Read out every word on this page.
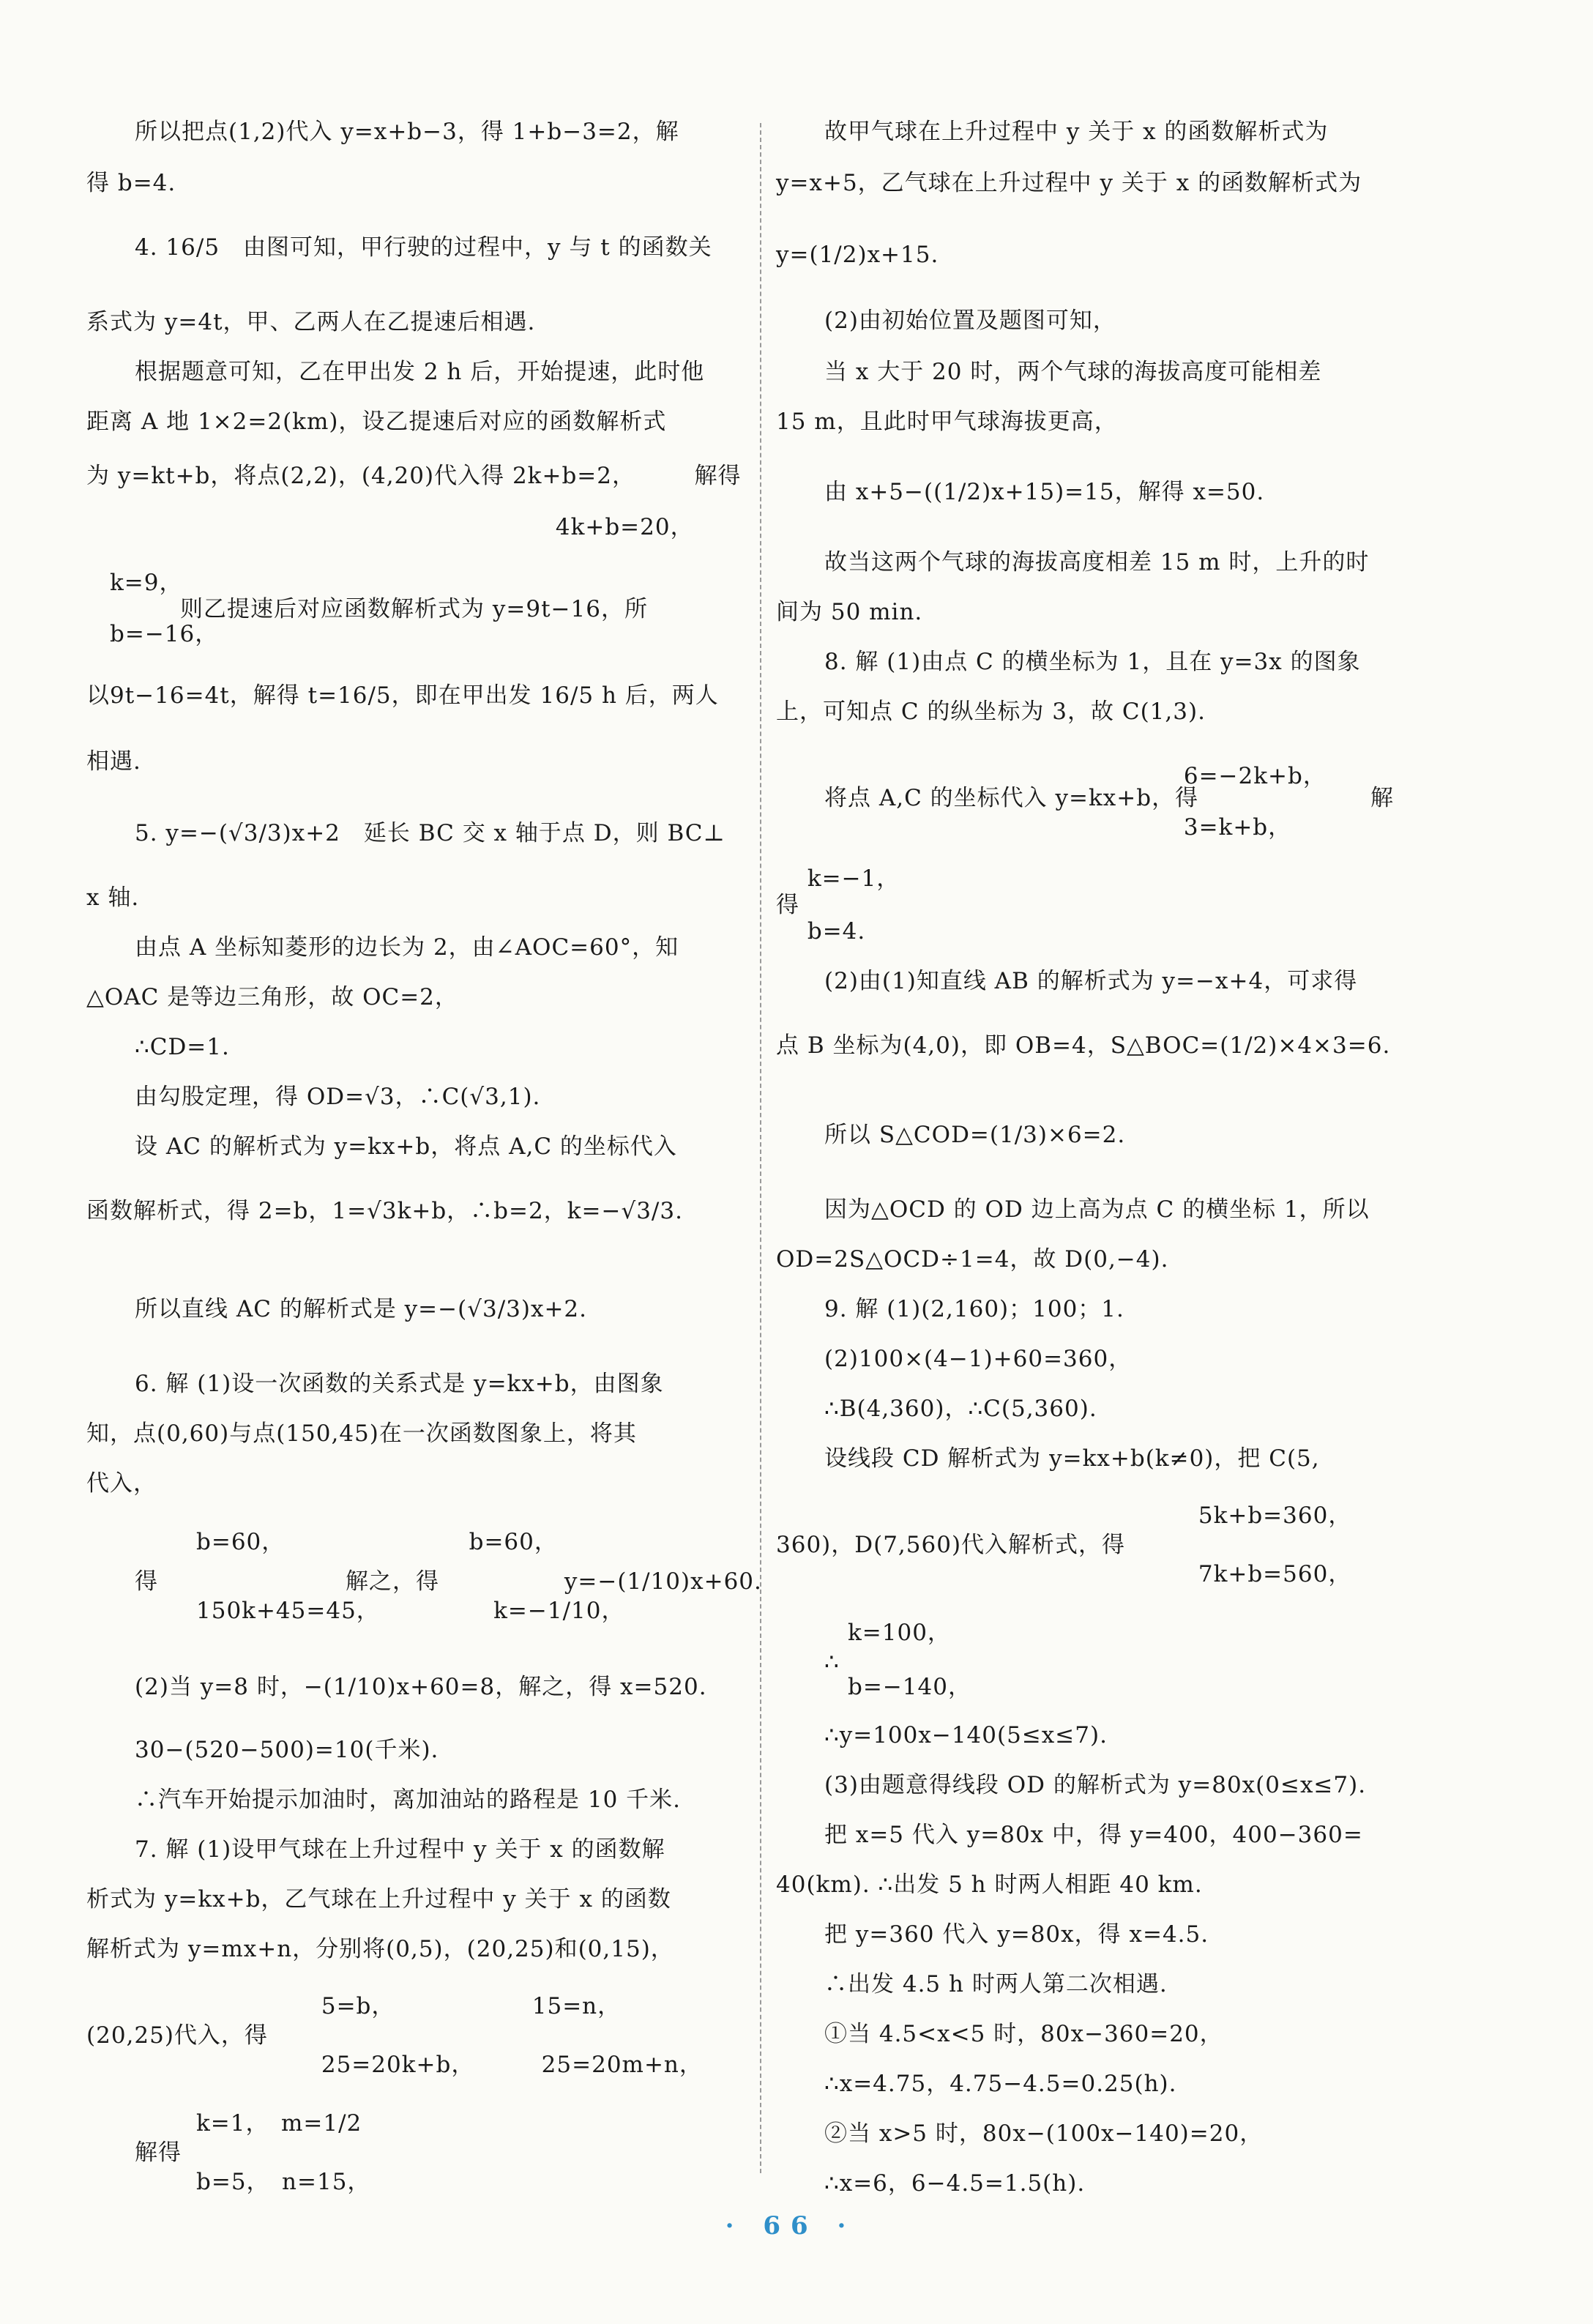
所以把点(1,2)代入 y=x+b−3，得 1+b−3=2，解
得 b=4.
4. 16/5　由图可知，甲行驶的过程中，y 与 t 的函数关
系式为 y=4t，甲、乙两人在乙提速后相遇.
根据题意可知，乙在甲出发 2 h 后，开始提速，此时他
距离 A 地 1×2=2(km)，设乙提速后对应的函数解析式
为 y=kt+b，将点(2,2)，(4,20)代入得 2k+b=2，　　　解得
　　　　　　　　　　　　　　　　 4k+b=20，
　k=9，
　　　　则乙提速后对应函数解析式为 y=9t−16，所
　b=−16，
以9t−16=4t，解得 t=16/5，即在甲出发 16/5 h 后，两人
相遇.
5. y=−(√3/3)x+2　延长 BC 交 x 轴于点 D，则 BC⊥
x 轴.
由点 A 坐标知菱形的边长为 2，由∠AOC=60°，知
△OAC 是等边三角形，故 OC=2，
∴CD=1.
由勾股定理，得 OD=√3，∴C(√3,1).
设 AC 的解析式为 y=kx+b，将点 A,C 的坐标代入
函数解析式，得 2=b，1=√3k+b，∴b=2，k=−√3/3.
所以直线 AC 的解析式是 y=−(√3/3)x+2.
6. 解 (1)设一次函数的关系式是 y=kx+b，由图象
知，点(0,60)与点(150,45)在一次函数图象上，将其
代入，
　b=60，　　　　　　　　 b=60，
得　　　　　　　　解之，得　　　　　 y=−(1/10)x+60.
　150k+45=45，　　　　　 k=−1/10，
(2)当 y=8 时，−(1/10)x+60=8，解之，得 x=520.
30−(520−500)=10(千米).
∴汽车开始提示加油时，离加油站的路程是 10 千米.
7. 解 (1)设甲气球在上升过程中 y 关于 x 的函数解
析式为 y=kx+b，乙气球在上升过程中 y 关于 x 的函数
解析式为 y=mx+n，分别将(0,5)，(20,25)和(0,15)，
　　　　　　 5=b，　　　　　　 15=n，
(20,25)代入，得
　　　　　　 25=20k+b，　　　 25=20m+n，
　k=1，　m=1/2
解得
　b=5，　n=15，
故甲气球在上升过程中 y 关于 x 的函数解析式为
y=x+5，乙气球在上升过程中 y 关于 x 的函数解析式为
y=(1/2)x+15.
(2)由初始位置及题图可知，
当 x 大于 20 时，两个气球的海拔高度可能相差
15 m，且此时甲气球海拔更高，
由 x+5−((1/2)x+15)=15，解得 x=50.
故当这两个气球的海拔高度相差 15 m 时，上升的时
间为 50 min.
8. 解 (1)由点 C 的横坐标为 1，且在 y=3x 的图象
上，可知点 C 的纵坐标为 3，故 C(1,3).
　　　　　　　　　　　　　　　 6=−2k+b，
将点 A,C 的坐标代入 y=kx+b，得　　　　　　　 解
　　　　　　　　　　　　　　　 3=k+b，
　 k=−1，
得
　 b=4.
(2)由(1)知直线 AB 的解析式为 y=−x+4，可求得
点 B 坐标为(4,0)，即 OB=4，S△BOC=(1/2)×4×3=6.
所以 S△COD=(1/3)×6=2.
因为△OCD 的 OD 边上高为点 C 的横坐标 1，所以
OD=2S△OCD÷1=4，故 D(0,−4).
9. 解 (1)(2,160)；100；1.
(2)100×(4−1)+60=360，
∴B(4,360)，∴C(5,360).
设线段 CD 解析式为 y=kx+b(k≠0)，把 C(5,
　　　　　　　　　　　　　　 5k+b=360，
360)，D(7,560)代入解析式，得
　　　　　　　　　　　　　　 7k+b=560，
　k=100，
∴
　b=−140，
∴y=100x−140(5≤x≤7).
(3)由题意得线段 OD 的解析式为 y=80x(0≤x≤7).
把 x=5 代入 y=80x 中，得 y=400，400−360=
40(km). ∴出发 5 h 时两人相距 40 km.
把 y=360 代入 y=80x，得 x=4.5.
∴出发 4.5 h 时两人第二次相遇.
①当 4.5<x<5 时，80x−360=20，
∴x=4.75，4.75−4.5=0.25(h).
②当 x>5 时，80x−(100x−140)=20，
∴x=6，6−4.5=1.5(h).
· 66 ·
